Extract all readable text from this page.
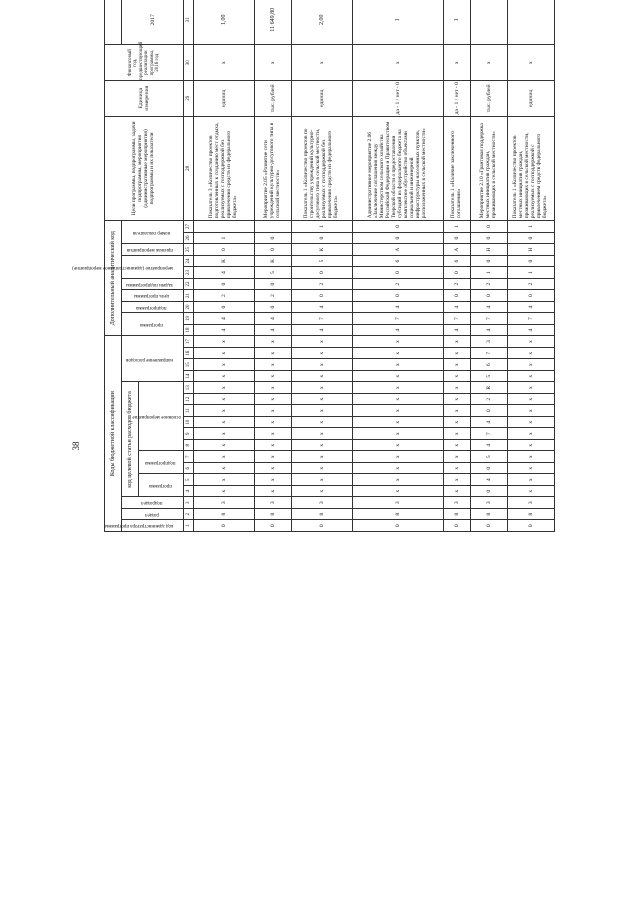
38	Коды бюджетной классификации																	Дополнительный аналитический код										Цели программы, подпрограммы, задачи подпрограммы, мероприятия (административные мероприятия) подпрограммы и их показатели	Единица измерения	Финансовый год, предшествующий реализации программы, 2016 год		
код администратора программы	раздел	подраздел	код целевой статьи расходов бюджета										направление расходов				программа		подпрограмма	цель программы	задачи подпрограммы	мероприятие (административное мероприятие)		признак мероприятия	номер показателя					2017					
			программа		подпрограмма		основное мероприятие	
1	2	3	4	5	6	7	8	9	10	11	12	13	14	15	16	17	18	19	20	21	22	23	24	25	26	27	28	29	30	31						
0	8	3	x	x	x	x	x	x	x	x	x	x	x	x	x	x	4	4	0	2	0	4	К	0	1		Показатель 3 «Количество проектов подготовленных к созданию мест отдыха, реализуемых с господдержкой без привлечения средств из федерального бюджета»	единиц	x	1,00						
0	8	3	x	x	x	x	x	x	x	x	x	x	x	x	x	x	4	4	0	2	0	5	К	0	0		Мероприятие 2.05 «Развитие сети учреждений культурно-досугового типа в сельской местности»	тыс. рублей	x	11 649,80						
0	8	3	x	x	x	x	x	x	x	x	x	x	x	x	x	x	4	7	4	0	2	0	5	К	0	1	Показатель 1 «Количество проектов по строительству учреждений культурно-досугового типа в сельской местности, реализуемых с господдержкой без привлечения средств из федерального бюджета»	единиц	x	2,00						
0	8	3	x	x	x	x	x	x	x	x	x	x	x	x	x	x	4	7	4	0	2	0	6	А	0	0	Административное мероприятие 2.06 «Заключение соглашения между Министерством сельского хозяйства Российской Федерации и Правительством Тверской области о предоставлении субсидий из федерального бюджета на комплексное обустройство объектами социальной и инженерной инфраструктуры населенных пунктов, расположенных в сельской местности»	да - 1 / нет - 0	x	1						
0	8	3	x	x	x	x	x	x	x	x	x	x	x	x	x	x	4	7	4	0	2	0	6	А	0	1	Показатель 1 «Наличие заключенного соглашения»	да - 1 / нет - 0	x	1						
0	8	3	0	4	0	5	4	7	4	0	2	R	5	6	7	3	4	7	4	0	2	1	0	Н	0	0	Мероприятие 2.10 «Грантовая поддержка местных инициатив граждан, проживающих в сельской местности»	тыс. рублей	x							
0	8	3	x	x	x	x	x	x	x	x	x	x	x	x	x	x	4	7	4	0	2	1	0	Н	0	1	Показатель 1 «Количество проектов местных инициатив граждан, проживающих в сельской местности, реализуемых с господдержкой с привлечением средств федерального бюджета»	единиц	x							
